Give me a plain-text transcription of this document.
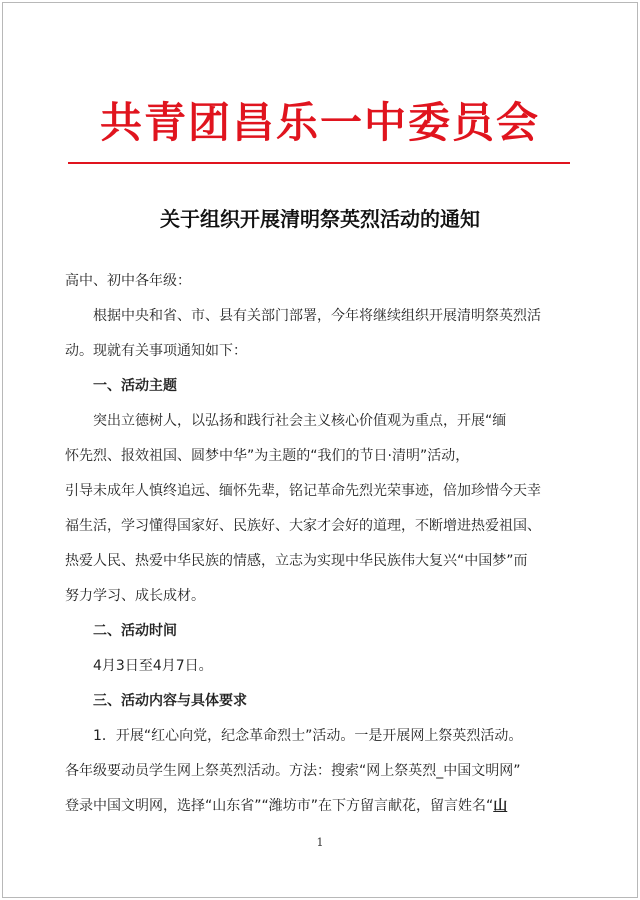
共青团昌乐一中委员会
关于组织开展清明祭英烈活动的通知
高中、初中各年级：
根据中央和省、市、县有关部门部署，今年将继续组织开展清明祭英烈活
动。现就有关事项通知如下：
一、活动主题
突出立德树人，以弘扬和践行社会主义核心价值观为重点，开展“缅
怀先烈、报效祖国、圆梦中华”为主题的“我们的节日·清明”活动，
引导未成年人慎终追远、缅怀先辈，铭记革命先烈光荣事迹，倍加珍惜今天幸
福生活，学习懂得国家好、民族好、大家才会好的道理，不断增进热爱祖国、
热爱人民、热爱中华民族的情感，立志为实现中华民族伟大复兴“中国梦”而
努力学习、成长成材。
二、活动时间
4月3日至4月7日。
三、活动内容与具体要求
1．开展“红心向党，纪念革命烈士”活动。一是开展网上祭英烈活动。
各年级要动员学生网上祭英烈活动。方法：搜索“网上祭英烈_中国文明网”
登录中国文明网，选择“山东省”“潍坊市”在下方留言献花，留言姓名“山
1
